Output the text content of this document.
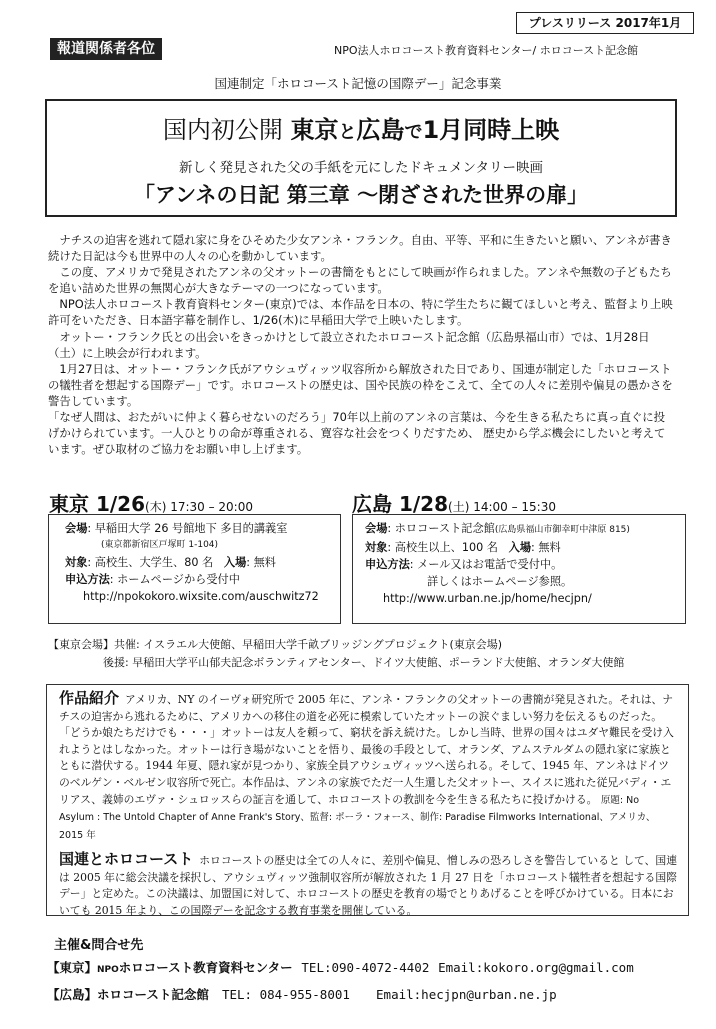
プレスリリース 2017年1月
報道関係者各位	NPO法人ホロコースト教育資料センター/ ホロコースト記念館
国連制定「ホロコースト記憶の国際デー」記念事業
国内初公開 東京と広島で1月同時上映
新しく発見された父の手紙を元にしたドキュメンタリー映画
「アンネの日記 第三章 ～閉ざされた世界の扉」

ナチスの迫害を逃れて隠れ家に身をひそめた少女アンネ・フランク。自由、平等、平和に生きたいと願い、アンネが書き続けた日記は今も世界中の人々の心を動かしています。

この度、アメリカで発見されたアンネの父オットーの書簡をもとにして映画が作られました。アンネや無数の子どもたちを追い詰めた世界の無関心が大きなテーマの一つになっています。

NPO法人ホロコースト教育資料センター(東京)では、本作品を日本の、特に学生たちに観てほしいと考え、監督より上映許可をいただき、日本語字幕を制作し、1/26(木)に早稲田大学で上映いたします。

オットー・フランク氏との出会いをきっかけとして設立されたホロコースト記念館（広島県福山市）では、1月28日（土）に上映会が行われます。

1月27日は、オットー・フランク氏がアウシュヴィッツ収容所から解放された日であり、国連が制定した「ホロコーストの犠牲者を想起する国際デー」です。ホロコーストの歴史は、国や民族の枠をこえて、全ての人々に差別や偏見の愚かさを警告しています。

「なぜ人間は、おたがいに仲よく暮らせないのだろう」70年以上前のアンネの言葉は、今を生きる私たちに真っ直ぐに投げかけられています。一人ひとりの命が尊重される、寛容な社会をつくりだすため、 歴史から学ぶ機会にしたいと考えています。ぜひ取材のご協力をお願い申し上げます。

東京 1/26(木) 17:30 – 20:00
会場: 早稲田大学 26 号館地下 多目的講義室
(東京都新宿区戸塚町 1-104)
対象: 高校生、大学生、80 名 入場: 無料
申込方法: ホームページから受付中
http://npokokoro.wixsite.com/auschwitz72
広島 1/28(土) 14:00 – 15:30
会場: ホロコースト記念館(広島県福山市御幸町中津原 815)
対象: 高校生以上、100 名 入場: 無料
申込方法: メール又はお電話で受付中。
詳しくはホームページ参照。
http://www.urban.ne.jp/home/hecjpn/
【東京会場】共催: イスラエル大使館、早稲田大学千畝ブリッジングプロジェクト(東京会場)
後援: 早稲田大学平山郁夫記念ボランティアセンター、ドイツ大使館、ポーランド大使館、オランダ大使館
作品紹介 アメリカ、NY のイーヴォ研究所で 2005 年に、アンネ・フランクの父オットーの書簡が発見された。それは、ナチスの迫害から逃れるために、アメリカへの移住の道を必死に模索していたオットーの涙ぐましい努力を伝えるものだった。「どうか娘たちだけでも・・・」オットーは友人を頼って、窮状を訴え続けた。しかし当時、世界の国々はユダヤ難民を受け入れようとはしなかった。オットーは行き場がないことを悟り、最後の手段として、オランダ、アムステルダムの隠れ家に家族とともに潜伏する。1944 年夏、隠れ家が見つかり、家族全員アウシュヴィッツへ送られる。そして、1945 年、アンネはドイツのベルゲン・ベルゼン収容所で死亡。本作品は、アンネの家族でただ一人生還した父オットー、スイスに逃れた従兄バディ・エリアス、義姉のエヴァ・シュロッスらの証言を通して、ホロコーストの教訓を今を生きる私たちに投げかける。 原題: No Asylum : The Untold Chapter of Anne Frank's Story、監督: ポーラ・フォース、制作: Paradise Filmworks International、アメリカ、2015 年
国連とホロコースト ホロコーストの歴史は全ての人々に、差別や偏見、憎しみの恐ろしさを警告していると して、国連は 2005 年に総会決議を採択し、アウシュヴィッツ強制収容所が解放された 1 月 27 日を「ホロコースト犠牲者を想起する国際デー」と定めた。この決議は、加盟国に対して、ホロコーストの歴史を教育の場でとりあげることを呼びかけている。日本においても 2015 年より、この国際デーを記念する教育事業を開催している。
主催&問合せ先
【東京】NPOホロコースト教育資料センター TEL:090-4072-4402 Email:kokoro.org@gmail.com
【広島】ホロコースト記念館 TEL: 084-955-8001 Email:hecjpn@urban.ne.jp
